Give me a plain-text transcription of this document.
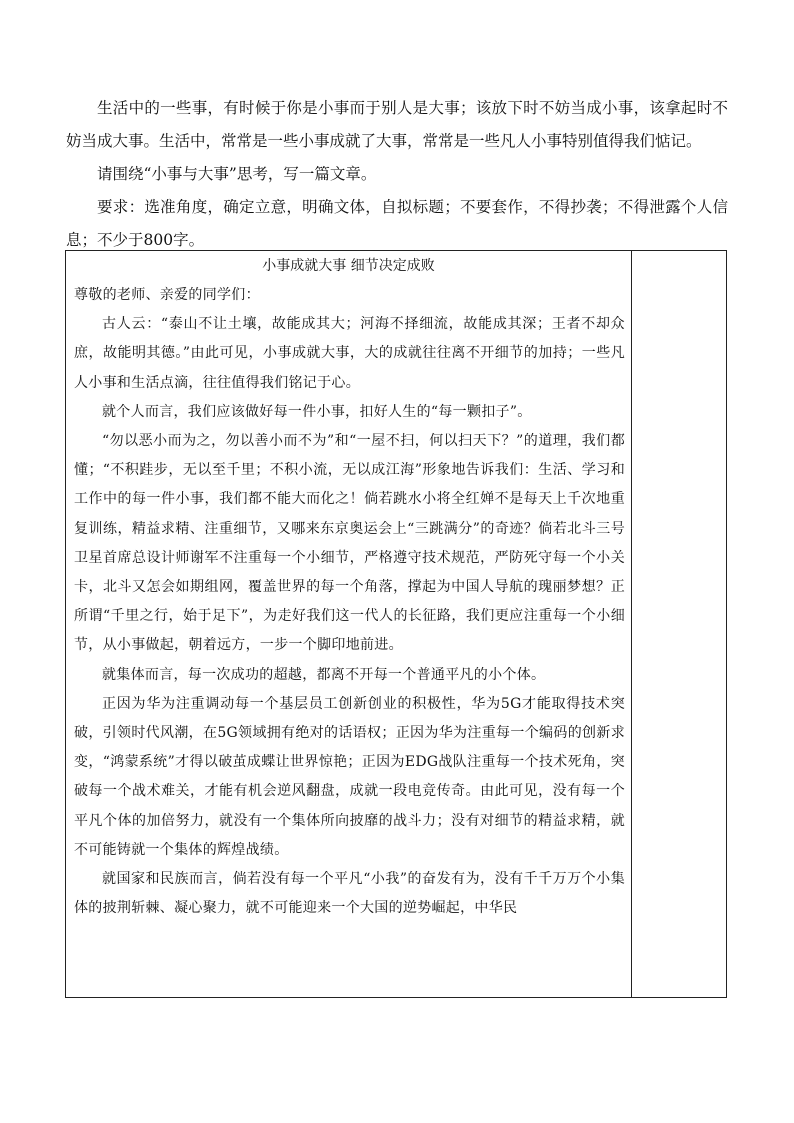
生活中的一些事，有时候于你是小事而于别人是大事；该放下时不妨当成小事，该拿起时不妨当成大事。生活中，常常是一些小事成就了大事，常常是一些凡人小事特别值得我们惦记。

请围绕“小事与大事”思考，写一篇文章。

要求：选准角度，确定立意，明确文体，自拟标题；不要套作，不得抄袭；不得泄露个人信息；不少于800字。

小事成就大事 细节决定成败

尊敬的老师、亲爱的同学们：

古人云：“泰山不让土壤，故能成其大；河海不择细流，故能成其深；王者不却众庶，故能明其德。”由此可见，小事成就大事，大的成就往往离不开细节的加持；一些凡人小事和生活点滴，往往值得我们铭记于心。

就个人而言，我们应该做好每一件小事，扣好人生的“每一颗扣子”。

“勿以恶小而为之，勿以善小而不为”和“一屋不扫，何以扫天下？”的道理，我们都懂；“不积跬步，无以至千里；不积小流，无以成江海”形象地告诉我们：生活、学习和工作中的每一件小事，我们都不能大而化之！倘若跳水小将全红婵不是每天上千次地重复训练，精益求精、注重细节，又哪来东京奥运会上“三跳满分”的奇迹？倘若北斗三号卫星首席总设计师谢军不注重每一个小细节，严格遵守技术规范，严防死守每一个小关卡，北斗又怎会如期组网，覆盖世界的每一个角落，撑起为中国人导航的瑰丽梦想？正所谓“千里之行，始于足下”，为走好我们这一代人的长征路，我们更应注重每一个小细节，从小事做起，朝着远方，一步一个脚印地前进。

就集体而言，每一次成功的超越，都离不开每一个普通平凡的小个体。

正因为华为注重调动每一个基层员工创新创业的积极性，华为5G才能取得技术突破，引领时代风潮，在5G领域拥有绝对的话语权；正因为华为注重每一个编码的创新求变，“鸿蒙系统”才得以破茧成蝶让世界惊艳；正因为EDG战队注重每一个技术死角，突破每一个战术难关，才能有机会逆风翻盘，成就一段电竞传奇。由此可见，没有每一个平凡个体的加倍努力，就没有一个集体所向披靡的战斗力；没有对细节的精益求精，就不可能铸就一个集体的辉煌战绩。

就国家和民族而言，倘若没有每一个平凡“小我”的奋发有为，没有千千万万个小集体的披荆斩棘、凝心聚力，就不可能迎来一个大国的逆势崛起，中华民
